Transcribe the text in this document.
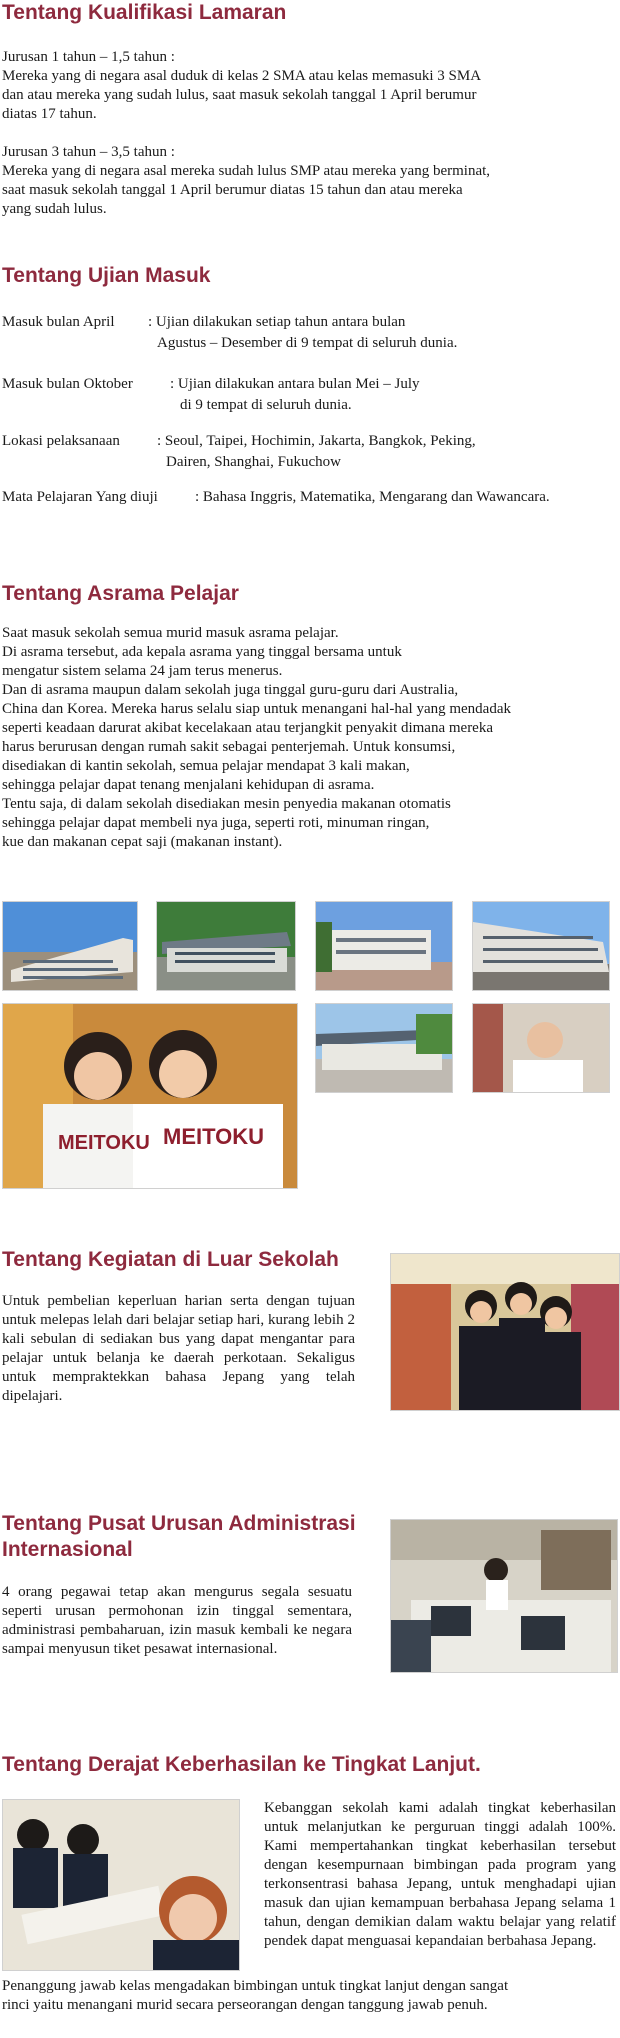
Tentang Kualifikasi Lamaran
Jurusan 1 tahun – 1,5 tahun :
Mereka yang di negara asal duduk di kelas 2 SMA atau kelas memasuki 3 SMA
dan atau mereka yang sudah lulus, saat masuk sekolah tanggal 1 April berumur
diatas 17 tahun.
Jurusan 3 tahun – 3,5 tahun :
Mereka yang di negara asal mereka sudah lulus SMP atau mereka yang berminat,
saat masuk sekolah tanggal 1 April berumur diatas 15 tahun dan atau mereka
yang sudah lulus.
Tentang Ujian Masuk
Masuk bulan April : Ujian dilakukan setiap tahun antara bulan
Agustus – Desember di 9 tempat di seluruh dunia.
Masuk bulan Oktober : Ujian dilakukan antara bulan Mei – July
di 9 tempat di seluruh dunia.
Lokasi pelaksanaan : Seoul, Taipei, Hochimin, Jakarta, Bangkok, Peking,
Dairen, Shanghai, Fukuchow
Mata Pelajaran Yang diuji : Bahasa Inggris, Matematika, Mengarang dan Wawancara.
Tentang Asrama Pelajar
Saat masuk sekolah semua murid masuk asrama pelajar.
Di asrama tersebut, ada kepala asrama yang tinggal bersama untuk
mengatur sistem selama 24 jam terus menerus.
Dan di asrama maupun dalam sekolah juga tinggal guru-guru dari Australia,
China dan Korea. Mereka harus selalu siap untuk menangani hal-hal yang mendadak
seperti keadaan darurat akibat kecelakaan atau terjangkit penyakit dimana mereka
harus berurusan dengan rumah sakit sebagai penterjemah. Untuk konsumsi,
disediakan di kantin sekolah, semua pelajar mendapat 3 kali makan,
sehingga pelajar dapat tenang menjalani kehidupan di asrama.
Tentu saja, di dalam sekolah disediakan mesin penyedia makanan otomatis
sehingga pelajar dapat membeli nya juga, seperti roti, minuman ringan,
kue dan makanan cepat saji (makanan instant).
MEITOKU MEITOKU
Tentang Kegiatan di Luar Sekolah
Untuk pembelian keperluan harian serta dengan tujuan untuk melepas lelah dari belajar setiap hari, kurang lebih 2 kali sebulan di sediakan bus yang dapat mengantar para pelajar untuk belanja ke daerah perkotaan. Sekaligus untuk mempraktekkan bahasa Jepang yang telah dipelajari.
Tentang Pusat Urusan Administrasi
Internasional
4 orang pegawai tetap akan mengurus segala sesuatu seperti urusan permohonan izin tinggal sementara, administrasi pembaharuan, izin masuk kembali ke negara sampai menyusun tiket pesawat internasional.
Tentang Derajat Keberhasilan ke Tingkat Lanjut.
Kebanggan sekolah kami adalah tingkat keberhasilan untuk melanjutkan ke perguruan tinggi adalah 100%. Kami mempertahankan tingkat keberhasilan tersebut dengan kesempurnaan bimbingan pada program yang terkonsentrasi bahasa Jepang, untuk menghadapi ujian masuk dan ujian kemampuan berbahasa Jepang selama 1 tahun, dengan demikian dalam waktu belajar yang relatif pendek dapat menguasai kepandaian berbahasa Jepang.
Penanggung jawab kelas mengadakan bimbingan untuk tingkat lanjut dengan sangat
rinci yaitu menangani murid secara perseorangan dengan tanggung jawab penuh.
